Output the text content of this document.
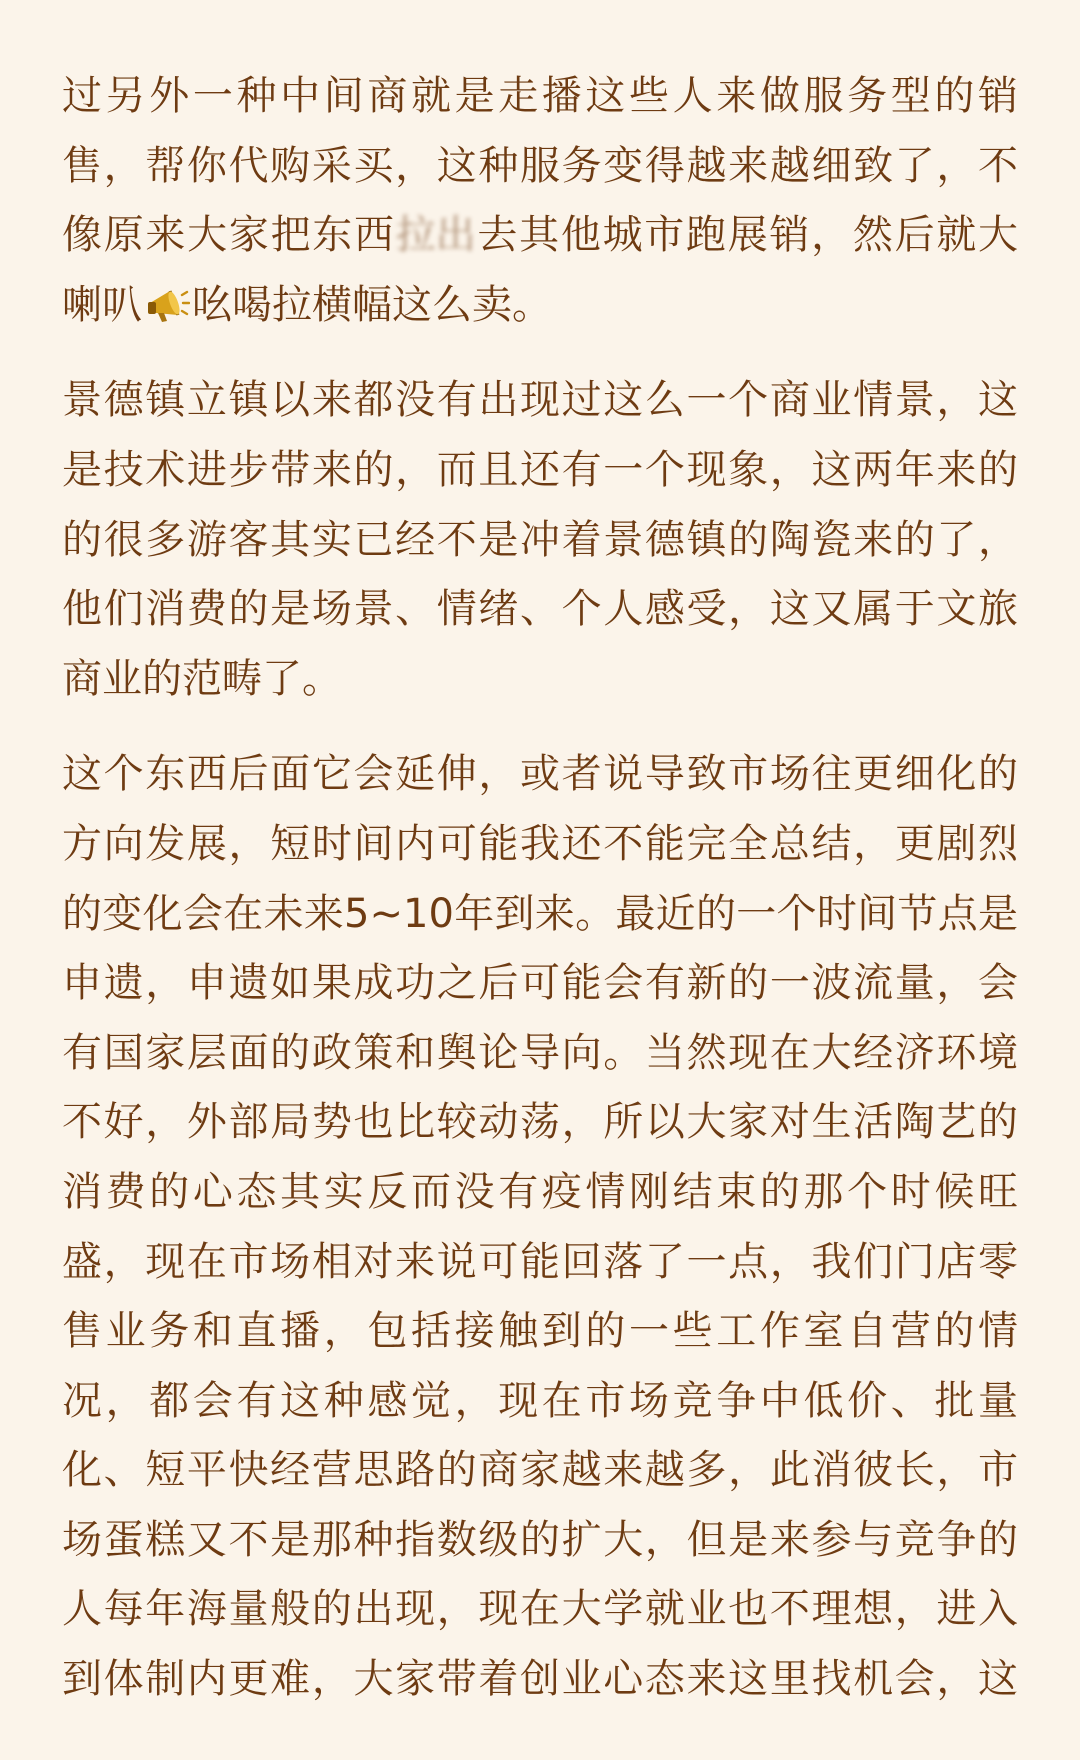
过另外一种中间商就是走播这些人来做服务型的销
售，帮你代购采买，这种服务变得越来越细致了，不
像原来大家把东西拉出去其他城市跑展销，然后就大
喇叭 吆喝拉横幅这么卖。
景德镇立镇以来都没有出现过这么一个商业情景，这
是技术进步带来的，而且还有一个现象，这两年来的
的很多游客其实已经不是冲着景德镇的陶瓷来的了，
他们消费的是场景、情绪、个人感受，这又属于文旅
商业的范畴了。
这个东西后面它会延伸，或者说导致市场往更细化的
方向发展，短时间内可能我还不能完全总结，更剧烈
的变化会在未来5~10年到来。最近的一个时间节点是
申遗，申遗如果成功之后可能会有新的一波流量，会
有国家层面的政策和舆论导向。当然现在大经济环境
不好，外部局势也比较动荡，所以大家对生活陶艺的
消费的心态其实反而没有疫情刚结束的那个时候旺
盛，现在市场相对来说可能回落了一点，我们门店零
售业务和直播，包括接触到的一些工作室自营的情
况，都会有这种感觉，现在市场竞争中低价、批量
化、短平快经营思路的商家越来越多，此消彼长，市
场蛋糕又不是那种指数级的扩大，但是来参与竞争的
人每年海量般的出现，现在大学就业也不理想，进入
到体制内更难，大家带着创业心态来这里找机会，这
